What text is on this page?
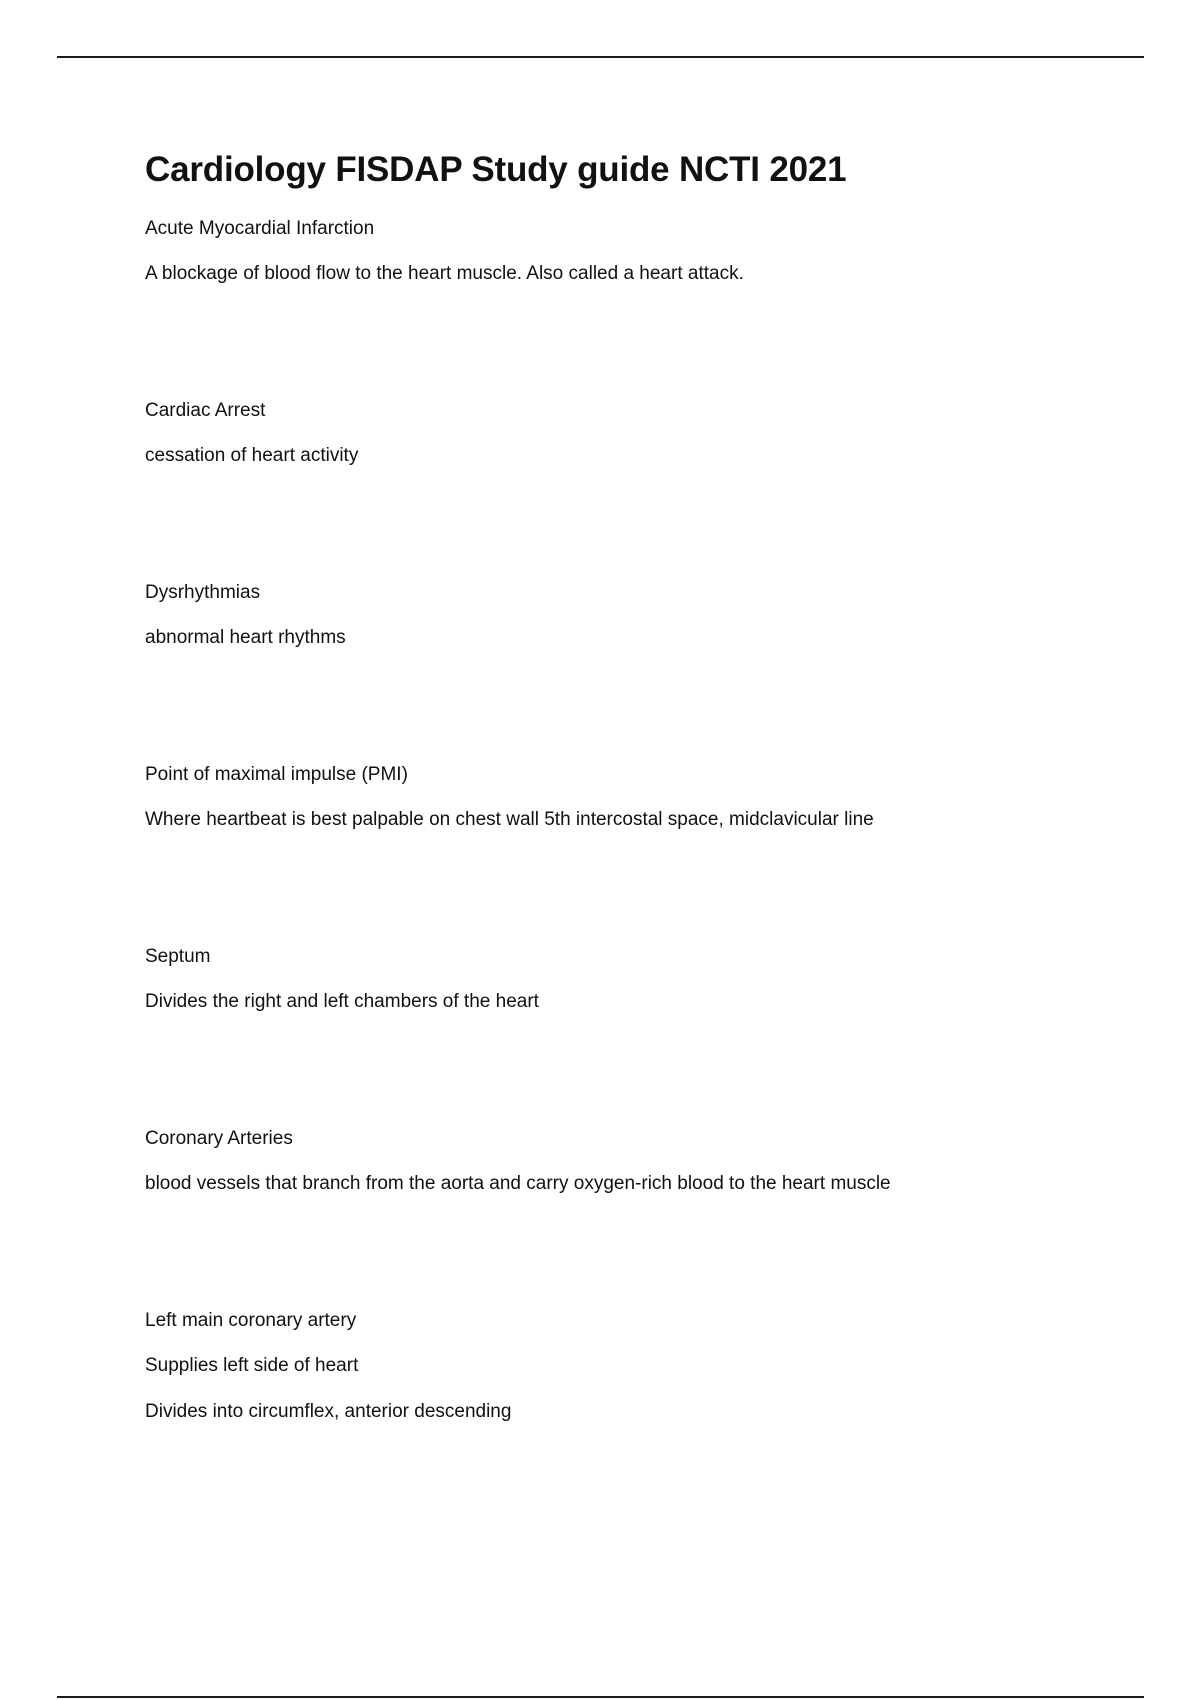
Cardiology FISDAP Study guide NCTI 2021

Acute Myocardial Infarction

A blockage of blood flow to the heart muscle. Also called a heart attack.

Cardiac Arrest

cessation of heart activity

Dysrhythmias

abnormal heart rhythms

Point of maximal impulse (PMI)

Where heartbeat is best palpable on chest wall 5th intercostal space, midclavicular line

Septum

Divides the right and left chambers of the heart

Coronary Arteries

blood vessels that branch from the aorta and carry oxygen-rich blood to the heart muscle

Left main coronary artery

Supplies left side of heart

Divides into circumflex, anterior descending
